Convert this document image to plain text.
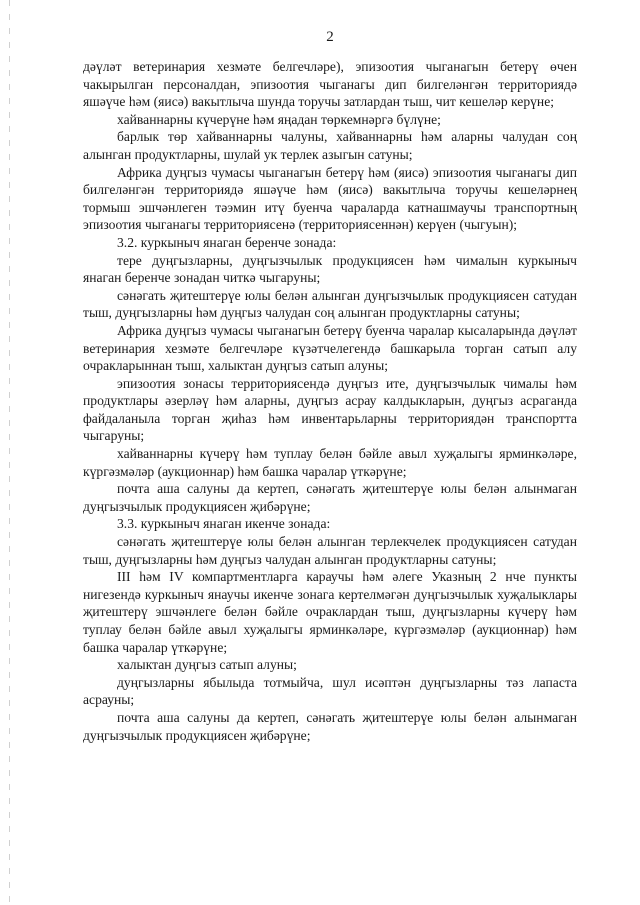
2

дәүләт ветеринария хезмәте белгечләре), эпизоотия чыганагын бетерү өчен чакырылган персоналдан, эпизоотия чыганагы дип билгеләнгән территориядә яшәүче һәм (яисә) вакытлыча шунда торучы затлардан тыш, чит кешеләр керүне;

хайваннарны күчерүне һәм яңадан төркемнәргә бүлүне;

барлык төр хайваннарны чалуны, хайваннарны һәм аларны чалудан соң алынган продуктларны, шулай ук терлек азыгын сатуны;

Африка дуңгыз чумасы чыганагын бетерү һәм (яисә) эпизоотия чыганагы дип билгеләнгән территориядә яшәүче һәм (яисә) вакытлыча торучы кешеләрнең тормыш эшчәнлеген тәэмин итү буенча чараларда катнашмаучы транспортның эпизоотия чыганагы территориясенә (территориясеннән) керүен (чыгуын);

3.2. куркыныч янаган беренче зонада:

тере дуңгызларны, дуңгызчылык продукциясен һәм чималын куркыныч янаган беренче зонадан читкә чыгаруны;

сәнәгать җитештерүе юлы белән алынган дуңгызчылык продукциясен сатудан тыш, дуңгызларны һәм дуңгыз чалудан соң алынган продуктларны сатуны;

Африка дуңгыз чумасы чыганагын бетерү буенча чаралар кысаларында дәүләт ветеринария хезмәте белгечләре күзәтчелегендә башкарыла торган сатып алу очракларыннан тыш, халыктан дуңгыз сатып алуны;

эпизоотия зонасы территориясендә дуңгыз ите, дуңгызчылык чималы һәм продуктлары әзерләү һәм аларны, дуңгыз асрау калдыкларын, дуңгыз асраганда файдаланыла торган җиһаз һәм инвентарьларны территориядән транспортта чыгаруны;

хайваннарны күчерү һәм туплау белән бәйле авыл хуҗалыгы ярминкәләре, күргәзмәләр (аукционнар) һәм башка чаралар үткәрүне;

почта аша салуны да кертеп, сәнәгать җитештерүе юлы белән алынмаган дуңгызчылык продукциясен җибәрүне;

3.3. куркыныч янаган икенче зонада:

сәнәгать җитештерүе юлы белән алынган терлекчелек продукциясен сатудан тыш, дуңгызларны һәм дуңгыз чалудан алынган продуктларны сатуны;

III һәм IV компартментларга караучы һәм әлеге Указның 2 нче пункты нигезендә куркыныч янаучы икенче зонага кертелмәгән дуңгызчылык хуҗалыклары җитештерү эшчәнлеге белән бәйле очраклардан тыш, дуңгызларны күчерү һәм туплау белән бәйле авыл хуҗалыгы ярминкәләре, күргәзмәләр (аукционнар) һәм башка чаралар үткәрүне;

халыктан дуңгыз сатып алуны;

дуңгызларны ябылыда тотмыйча, шул исәптән дуңгызларны тәз лапаста асрауны;

почта аша салуны да кертеп, сәнәгать җитештерүе юлы белән алынмаган дуңгызчылык продукциясен җибәрүне;
